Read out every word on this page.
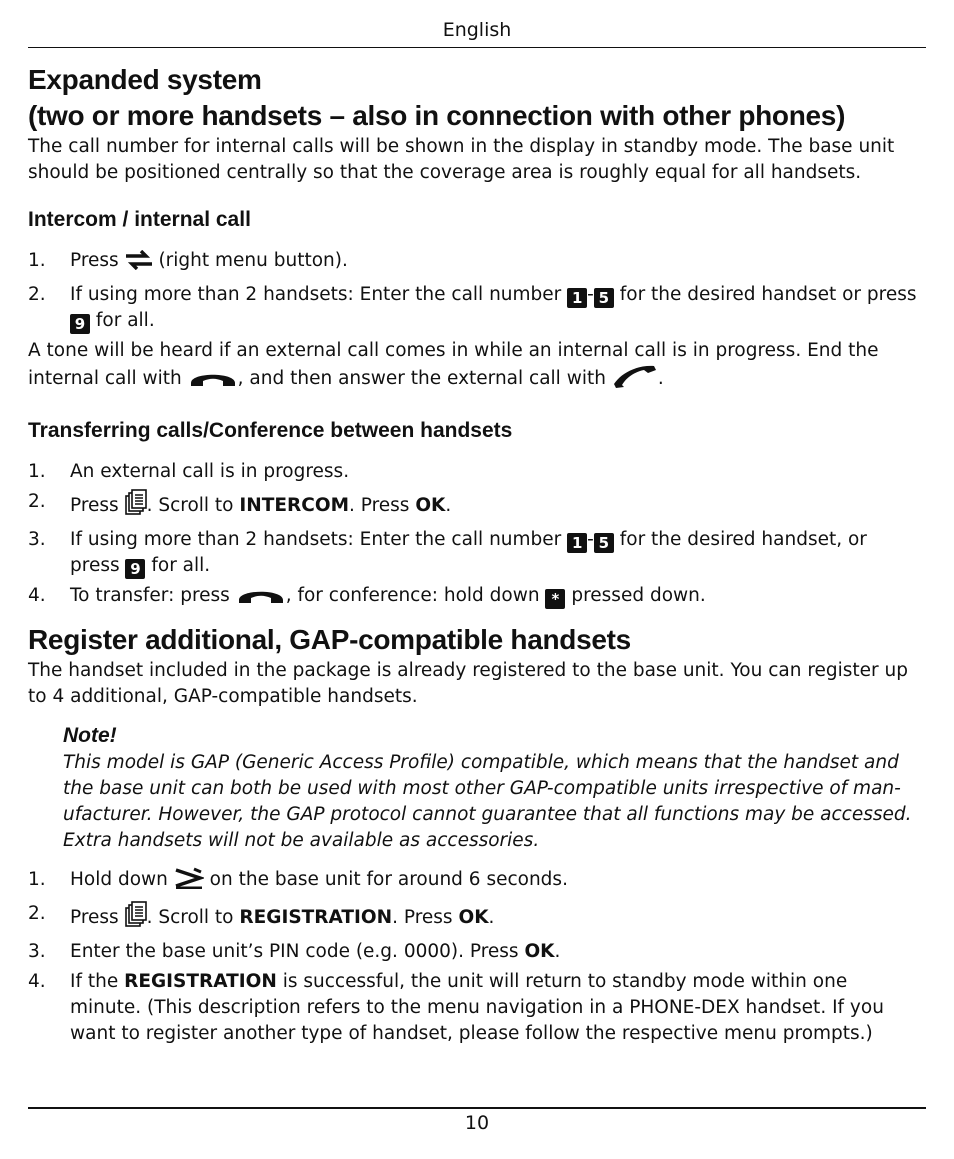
English
Expanded system
(two or more handsets – also in connection with other phones)

The call number for internal calls will be shown in the display in standby mode. The base unit should be positioned centrally so that the coverage area is roughly equal for all handsets.

Intercom / internal call
1. Press  (right menu button).
2. If using more than 2 handsets: Enter the call number 1 - 5 for the desired handset or press 9 for all.

A tone will be heard if an external call comes in while an internal call is in progress. End the internal call with	, and then answer the external call with .

Transferring calls/Conference between handsets
1. An external call is in progress.
2. Press . Scroll to INTERCOM. Press OK.
3. If using more than 2 handsets: Enter the call number 1 - 5 for the desired handset, or press 9 for all.
4. To transfer: press	, for conference: hold down * pressed down.
Register additional, GAP-compatible handsets

The handset included in the package is already registered to the base unit. You can register up to 4 additional, GAP-compatible handsets.

Note!
This model is GAP (Generic Access Profile) compatible, which means that the handset and the base unit can both be used with most other GAP-compatible units irrespective of manufacturer. However, the GAP protocol cannot guarantee that all functions may be accessed. Extra handsets will not be available as accessories.
1. Hold down  on the base unit for around 6 seconds.
2. Press . Scroll to REGISTRATION. Press OK.
3. Enter the base unit’s PIN code (e.g. 0000). Press OK.
4. If the REGISTRATION is successful, the unit will return to standby mode within one minute. (This description refers to the menu navigation in a PHONE-DEX handset. If you want to register another type of handset, please follow the respective menu prompts.)
10
